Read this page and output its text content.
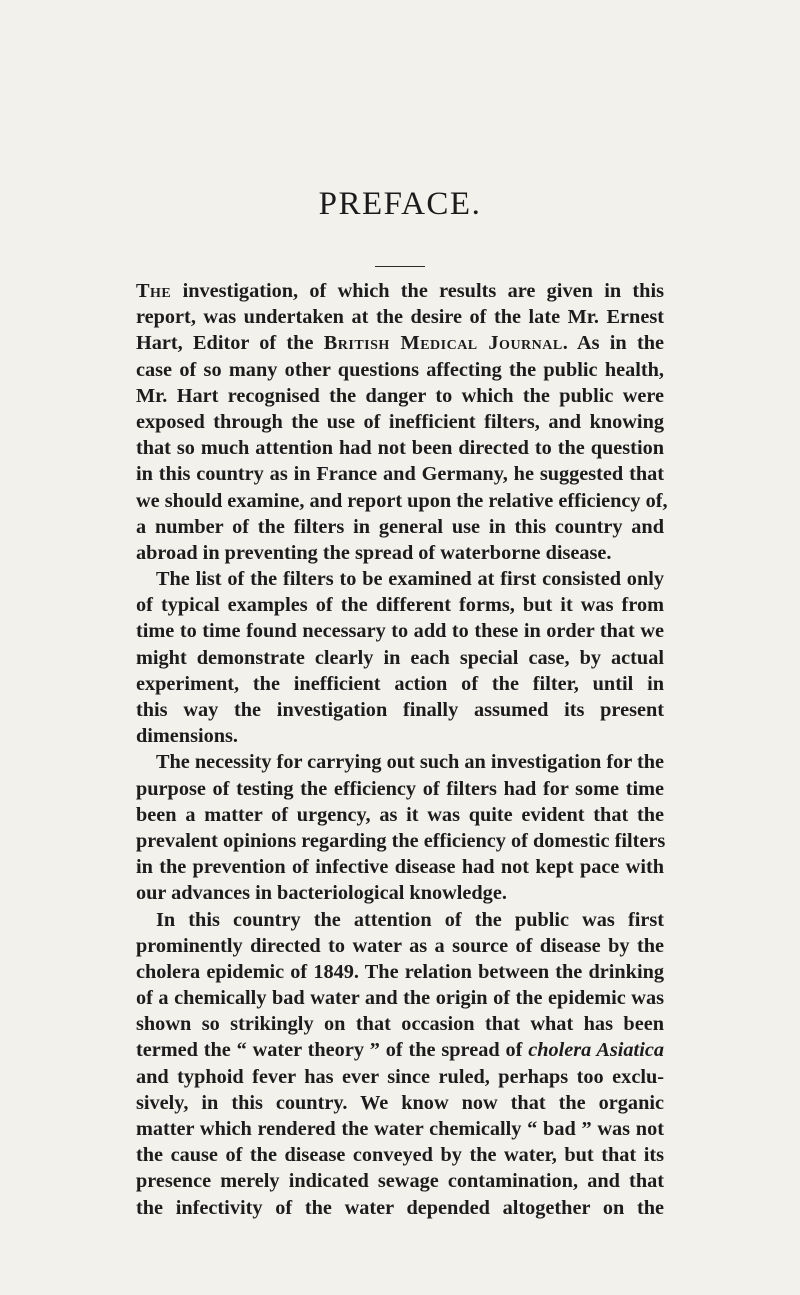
PREFACE.
The investigation, of which the results are given in this
report, was undertaken at the desire of the late Mr. Ernest
Hart, Editor of the British Medical Journal. As in the
case of so many other questions affecting the public health,
Mr. Hart recognised the danger to which the public were
exposed through the use of inefficient filters, and knowing
that so much attention had not been directed to the question
in this country as in France and Germany, he suggested that
we should examine, and report upon the relative efficiency of,
a number of the filters in general use in this country and
abroad in preventing the spread of waterborne disease.
The list of the filters to be examined at first consisted only
of typical examples of the different forms, but it was from
time to time found necessary to add to these in order that we
might demonstrate clearly in each special case, by actual
experiment, the inefficient action of the filter, until in
this way the investigation finally assumed its present
dimensions.
The necessity for carrying out such an investigation for the
purpose of testing the efficiency of filters had for some time
been a matter of urgency, as it was quite evident that the
prevalent opinions regarding the efficiency of domestic filters
in the prevention of infective disease had not kept pace with
our advances in bacteriological knowledge.
In this country the attention of the public was first
prominently directed to water as a source of disease by the
cholera epidemic of 1849. The relation between the drinking
of a chemically bad water and the origin of the epidemic was
shown so strikingly on that occasion that what has been
termed the “ water theory ” of the spread of cholera Asiatica
and typhoid fever has ever since ruled, perhaps too exclu-
sively, in this country. We know now that the organic
matter which rendered the water chemically “ bad ” was not
the cause of the disease conveyed by the water, but that its
presence merely indicated sewage contamination, and that
the infectivity of the water depended altogether on the
